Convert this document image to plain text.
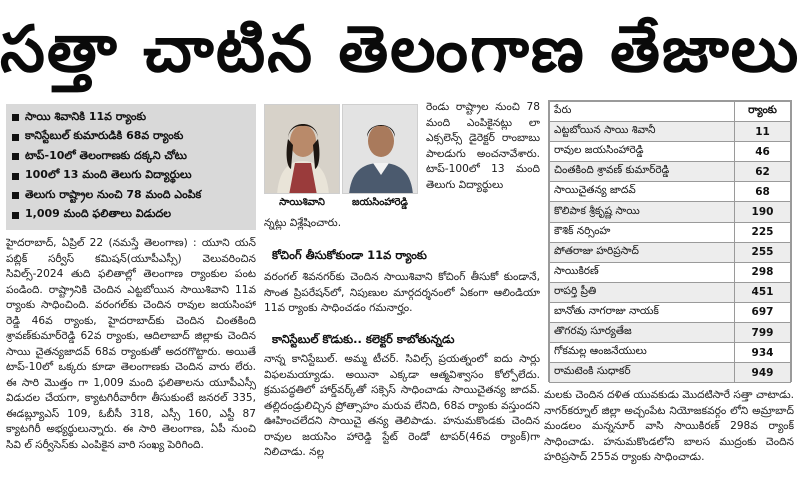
సత్తా చాటిన తెలంగాణ తేజాలు
సాయి శివానికి 11వ ర్యాంకు
కానిస్టేబుల్ కుమారుడికి 68వ ర్యాంకు
టాప్-10లో తెలంగాణకు దక్కని చోటు
100లో 13 మంది తెలుగు విద్యార్థులు
తెలుగు రాష్ట్రాల నుంచి 78 మంది ఎంపిక
1,009 మంది ఫలితాలు విడుదల
సాయిశివాని	జయసింహారెడ్డి
రెండు రాష్ట్రాల నుంచి 78 మంది ఎంపికైనట్లు లా ఎక్సలెన్స్ డైరెక్టర్ రాంబాబు పాలడుగు అంచనావేశారు. టాప్-100లో 13 మంది తెలుగు విద్యార్థులు
న్నట్లు విశ్లేషించారు.
హైదరాబాద్, ఏప్రిల్ 22 (నమస్తే తెలంగాణ) : యూని యన్ పబ్లిక్ సర్వీస్ కమిషన్(యూపీఎస్సీ) వెలువరించిన సివిల్స్-2024 తుది ఫలితాల్లో తెలంగాణ ర్యాంకుల పంట పండింది. రాష్ట్రానికి చెందిన ఎట్టబోయిన సాయిశివాని 11వ ర్యాంకు సాధించింది. వరంగల్‌కు చెందిన రావుల జయసింహా రెడ్డి 46వ ర్యాంకు, హైదరాబాద్‌కు చెందిన చింతకింది శ్రావణ్‌కుమార్‌రెడ్డి 62వ ర్యాంకు, ఆదిలాబాద్ జిల్లాకు చెందిన సాయి చైతన్యజాదవ్ 68వ ర్యాంకుతో అదరగొట్టారు. అయితే టాప్-10లో ఒక్కరు కూడా తెలంగాణకు చెందిన వారు లేరు. ఈ సారి మొత్తం గా 1,009 మంది ఫలితాలను యూపీఎస్సీ విడుదల చేయగా, క్యాటగిరీవారీగా తీసుకుంటే జనరల్ 335, ఈడబ్ల్యూఎస్ 109, ఓబీసీ 318, ఎస్సీ 160, ఎస్టీ 87 క్యాటగిరీ అభ్యర్థులున్నారు. ఈ సారి తెలంగాణ, ఏపీ నుంచి సివి ల్ సర్వీసెస్‌కు ఎంపికైన వారి సంఖ్య పెరిగింది.
కోచింగ్ తీసుకోకుండా 11వ ర్యాంకు
వరంగల్ శివనగర్‌కు చెందిన సాయిశివాని కోచింగ్ తీసుకో కుండానే, సొంత ప్రిపరేషన్‌లో, నిపుణుల మార్గదర్శనంలో ఏకంగా ఆలిండియా 11వ ర్యాంకు సాధించడం గమనార్హం.
కానిస్టేబుల్ కొడుకు.. కలెక్టర్ కాబోతున్నడు
నాన్న కానిస్టేబుల్. అమ్మ టీచర్. సివిల్స్ ప్రయత్నంలో ఐదు సార్లు విఫలమయ్యాడు. అయినా ఎక్కడా ఆత్మవిశ్వాసం కోల్పోలేదు. క్రమపద్ధతిలో హార్డ్‌వర్క్‌తో సక్సెస్ సాధించాడు సాయిచైతన్య జాదవ్. తల్లిదండ్రులిచ్చిన ప్రోత్సాహం మరువ లేనిది, 68వ ర్యాంకు వస్తుందని ఊహించలేదని సాయిచై తన్య తెలిపాడు. హనుమకొండకు చెందిన రావుల జయసిం హారెడ్డి స్టేట్ రెండో టాపర్(46వ ర్యాంక్)గా నిలిచాడు. నల్ల
పేరు	ర్యాంకు
ఎట్టబోయిన సాయి శివానీ	11
రావుల జయసింహారెడ్డి	46
చింతకింది శ్రావణ్ కుమార్‌రెడ్డి	62
సాయిచైతన్య జాదవ్	68
కొలిపాక శ్రీకృష్ణ సాయి	190
కౌశిక్ నర్సింహ	225
పోతరాజు హరిప్రసాద్	255
సాయికిరణ్	298
రాపర్తి ప్రీతి	451
బానోతు నాగరాజు నాయక్	697
తొగరవు సూర్యతేజ	799
గోకమల్ల ఆంజనేయులు	934
రామటెంకి సుధాకర్	949
మలకు చెందిన దళిత యువకుడు మొదటిసారే సత్తా చాటాడు. నాగర్‌కర్నూల్ జిల్లా అచ్చంపేట నియోజకవర్గం లోని అమ్రాబాద్ మండలం మన్ననూర్ వాసి సాయికిరణ్ 298వ ర్యాంక్ సాధించాడు. హనుమకొండలోని బాలస ముద్రంకు చెందిన హరిప్రసాద్ 255వ ర్యాంకు సాధించాడు.
